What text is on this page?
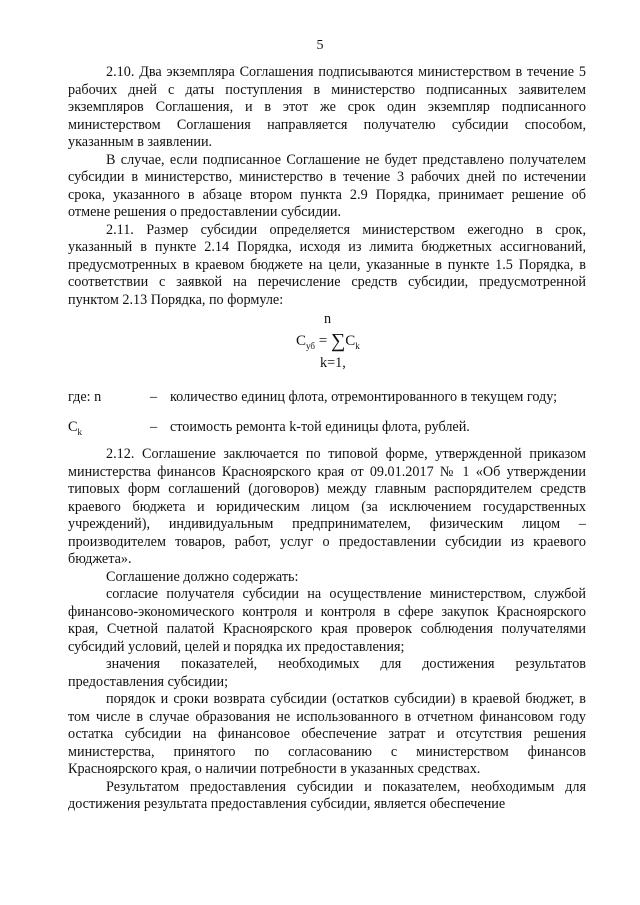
5

2.10. Два экземпляра Соглашения подписываются министерством в течение 5 рабочих дней с даты поступления в министерство подписанных заявителем экземпляров Соглашения, и в этот же срок один экземпляр подписанного министерством Соглашения направляется получателю субсидии способом, указанным в заявлении.

В случае, если подписанное Соглашение не будет представлено получателем субсидии в министерство, министерство в течение 3 рабочих дней по истечении срока, указанного в абзаце втором пункта 2.9 Порядка, принимает решение об отмене решения о предоставлении субсидии.

2.11. Размер субсидии определяется министерством ежегодно в срок, указанный в пункте 2.14 Порядка, исходя из лимита бюджетных ассигнований, предусмотренных в краевом бюджете на цели, указанные в пункте 1.5 Порядка, в соответствии с заявкой на перечисление средств субсидии, предусмотренной пунктом 2.13 Порядка, по формуле:

n
$С_{уб} = \sum С_k$
k=1,
где: n	– количество единиц флота, отремонтированного в текущем году;
$С_k$	– стоимость ремонта k-той единицы флота, рублей.

2.12. Соглашение заключается по типовой форме, утвержденной приказом министерства финансов Красноярского края от 09.01.2017 № 1 «Об утверждении типовых форм соглашений (договоров) между главным распорядителем средств краевого бюджета и юридическим лицом (за исключением государственных учреждений), индивидуальным предпринимателем, физическим лицом – производителем товаров, работ, услуг о предоставлении субсидии из краевого бюджета».

Соглашение должно содержать:

согласие получателя субсидии на осуществление министерством, службой финансово-экономического контроля и контроля в сфере закупок Красноярского края, Счетной палатой Красноярского края проверок соблюдения получателями субсидий условий, целей и порядка их предоставления;

значения показателей, необходимых для достижения результатов предоставления субсидии;

порядок и сроки возврата субсидии (остатков субсидии) в краевой бюджет, в том числе в случае образования не использованного в отчетном финансовом году остатка субсидии на финансовое обеспечение затрат и отсутствия решения министерства, принятого по согласованию с министерством финансов Красноярского края, о наличии потребности в указанных средствах.

Результатом предоставления субсидии и показателем, необходимым для достижения результата предоставления субсидии, является обеспечение
